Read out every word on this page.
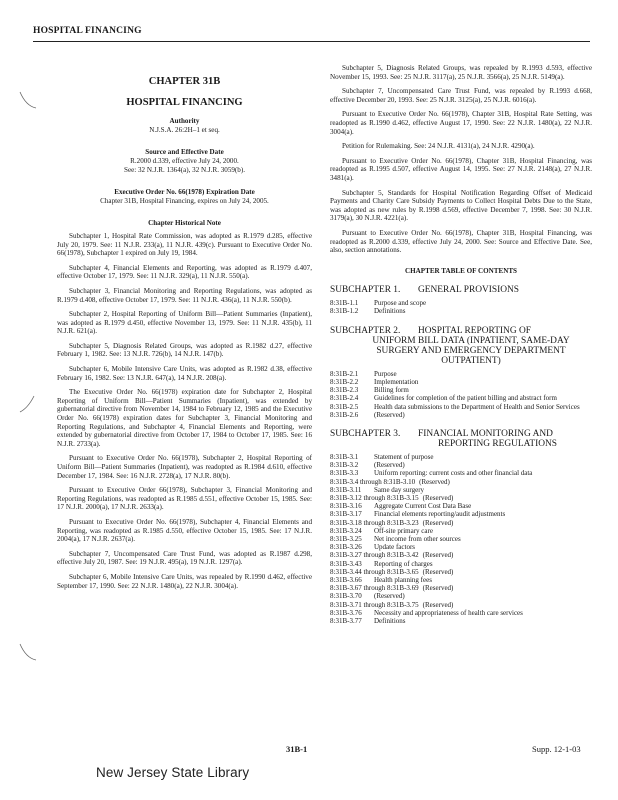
HOSPITAL FINANCING
CHAPTER 31B
HOSPITAL FINANCING
Authority
N.J.S.A. 26:2H–1 et seq.
Source and Effective Date
R.2000 d.339, effective July 24, 2000.
See: 32 N.J.R. 1364(a), 32 N.J.R. 3059(b).
Executive Order No. 66(1978) Expiration Date
Chapter 31B, Hospital Financing, expires on July 24, 2005.
Chapter Historical Note
Subchapter 1, Hospital Rate Commission, was adopted as R.1979 d.285, effective July 20, 1979. See: 11 N.J.R. 233(a), 11 N.J.R. 439(c). Pursuant to Executive Order No. 66(1978), Subchapter 1 expired on July 19, 1984.
Subchapter 4, Financial Elements and Reporting, was adopted as R.1979 d.407, effective October 17, 1979. See: 11 N.J.R. 329(a), 11 N.J.R. 550(a).
Subchapter 3, Financial Monitoring and Reporting Regulations, was adopted as R.1979 d.408, effective October 17, 1979. See: 11 N.J.R. 436(a), 11 N.J.R. 550(b).
Subchapter 2, Hospital Reporting of Uniform Bill—Patient Summaries (Inpatient), was adopted as R.1979 d.450, effective November 13, 1979. See: 11 N.J.R. 435(b), 11 N.J.R. 621(a).
Subchapter 5, Diagnosis Related Groups, was adopted as R.1982 d.27, effective February 1, 1982. See: 13 N.J.R. 726(b), 14 N.J.R. 147(b).
Subchapter 6, Mobile Intensive Care Units, was adopted as R.1982 d.38, effective February 16, 1982. See: 13 N.J.R. 647(a), 14 N.J.R. 208(a).
The Executive Order No. 66(1978) expiration date for Subchapter 2, Hospital Reporting of Uniform Bill—Patient Summaries (Inpatient), was extended by gubernatorial directive from November 14, 1984 to February 12, 1985 and the Executive Order No. 66(1978) expiration dates for Subchapter 3, Financial Monitoring and Reporting Regulations, and Subchapter 4, Financial Elements and Reporting, were extended by gubernatorial directive from October 17, 1984 to October 17, 1985. See: 16 N.J.R. 2733(a).
Pursuant to Executive Order No. 66(1978), Subchapter 2, Hospital Reporting of Uniform Bill—Patient Summaries (Inpatient), was readopted as R.1984 d.610, effective December 17, 1984. See: 16 N.J.R. 2728(a), 17 N.J.R. 80(b).
Pursuant to Executive Order 66(1978), Subchapter 3, Financial Monitoring and Reporting Regulations, was readopted as R.1985 d.551, effective October 15, 1985. See: 17 N.J.R. 2000(a), 17 N.J.R. 2633(a).
Pursuant to Executive Order No. 66(1978), Subchapter 4, Financial Elements and Reporting, was readopted as R.1985 d.550, effective October 15, 1985. See: 17 N.J.R. 2004(a), 17 N.J.R. 2637(a).
Subchapter 7, Uncompensated Care Trust Fund, was adopted as R.1987 d.298, effective July 20, 1987. See: 19 N.J.R. 495(a), 19 N.J.R. 1297(a).
Subchapter 6, Mobile Intensive Care Units, was repealed by R.1990 d.462, effective September 17, 1990. See: 22 N.J.R. 1480(a), 22 N.J.R. 3004(a).
Subchapter 5, Diagnosis Related Groups, was repealed by R.1993 d.593, effective November 15, 1993. See: 25 N.J.R. 3117(a), 25 N.J.R. 3566(a), 25 N.J.R. 5149(a).
Subchapter 7, Uncompensated Care Trust Fund, was repealed by R.1993 d.668, effective December 20, 1993. See: 25 N.J.R. 3125(a), 25 N.J.R. 6016(a).
Pursuant to Executive Order No. 66(1978), Chapter 31B, Hospital Rate Setting, was readopted as R.1990 d.462, effective August 17, 1990. See: 22 N.J.R. 1480(a), 22 N.J.R. 3004(a).
Petition for Rulemaking. See: 24 N.J.R. 4131(a), 24 N.J.R. 4290(a).
Pursuant to Executive Order No. 66(1978), Chapter 31B, Hospital Financing, was readopted as R.1995 d.507, effective August 14, 1995. See: 27 N.J.R. 2148(a), 27 N.J.R. 3481(a).
Subchapter 5, Standards for Hospital Notification Regarding Offset of Medicaid Payments and Charity Care Subsidy Payments to Collect Hospital Debts Due to the State, was adopted as new rules by R.1998 d.569, effective December 7, 1998. See: 30 N.J.R. 3179(a), 30 N.J.R. 4221(a).
Pursuant to Executive Order No. 66(1978), Chapter 31B, Hospital Financing, was readopted as R.2000 d.339, effective July 24, 2000. See: Source and Effective Date. See, also, section annotations.
CHAPTER TABLE OF CONTENTS
SUBCHAPTER 1. GENERAL PROVISIONS
8:31B-1.1	Purpose and scope
8:31B-1.2	Definitions
SUBCHAPTER 2. HOSPITAL REPORTING OF
UNIFORM BILL DATA (INPATIENT, SAME-DAY SURGERY AND EMERGENCY DEPARTMENT OUTPATIENT)
8:31B-2.1	Purpose
8:31B-2.2	Implementation
8:31B-2.3	Billing form
8:31B-2.4	Guidelines for completion of the patient billing and abstract form
8:31B-2.5	Health data submissions to the Department of Health and Senior Services
8:31B-2.6	(Reserved)
SUBCHAPTER 3. FINANCIAL MONITORING AND
REPORTING REGULATIONS
8:31B-3.1	Statement of purpose
8:31B-3.2	(Reserved)
8:31B-3.3	Uniform reporting: current costs and other financial data
8:31B-3.4 through 8:31B-3.10 (Reserved)
8:31B-3.11	Same day surgery
8:31B-3.12 through 8:31B-3.15 (Reserved)
8:31B-3.16	Aggregate Current Cost Data Base
8:31B-3.17	Financial elements reporting/audit adjustments
8:31B-3.18 through 8:31B-3.23 (Reserved)
8:31B-3.24	Off-site primary care
8:31B-3.25	Net income from other sources
8:31B-3.26	Update factors
8:31B-3.27 through 8:31B-3.42 (Reserved)
8:31B-3.43	Reporting of charges
8:31B-3.44 through 8:31B-3.65 (Reserved)
8:31B-3.66	Health planning fees
8:31B-3.67 through 8:31B-3.69 (Reserved)
8:31B-3.70	(Reserved)
8:31B-3.71 through 8:31B-3.75 (Reserved)
8:31B-3.76	Necessity and appropriateness of health care services
8:31B-3.77	Definitions
31B-1	Supp. 12-1-03
New Jersey State Library
